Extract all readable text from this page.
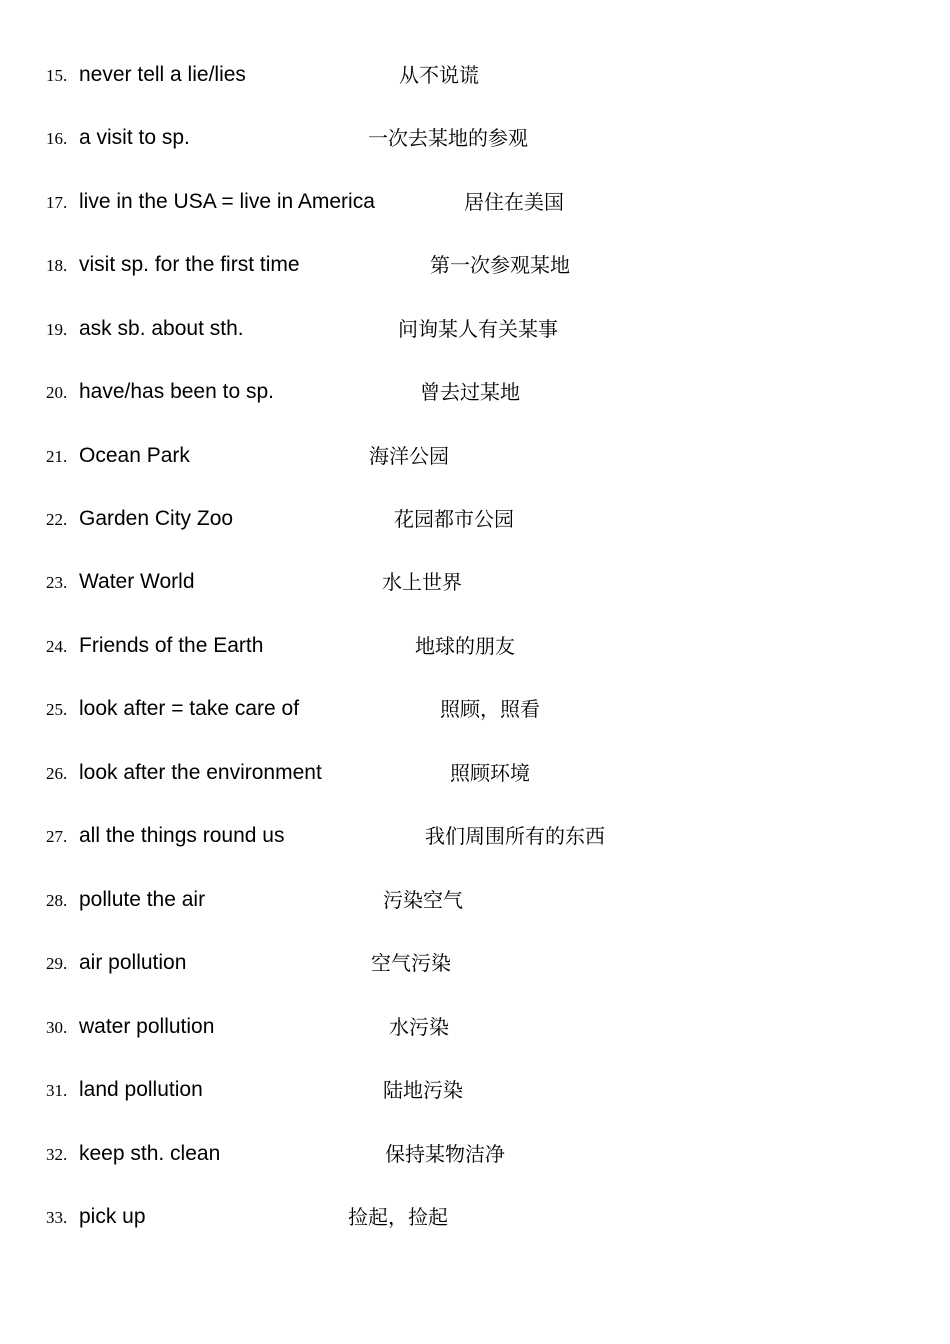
15. never tell a lie/lies	从不说谎
16. a visit to sp.	一次去某地的参观
17. live in the USA = live in America	居住在美国
18. visit sp. for the first time	第一次参观某地
19. ask sb. about sth.	问询某人有关某事
20. have/has been to sp.	曾去过某地
21. Ocean Park	海洋公园
22. Garden City Zoo	花园都市公园
23. Water World	水上世界
24. Friends of the Earth	地球的朋友
25. look after = take care of	照顾，照看
26. look after the environment	照顾环境
27. all the things round us	我们周围所有的东西
28. pollute the air	污染空气
29. air pollution	空气污染
30. water pollution	水污染
31. land pollution	陆地污染
32. keep sth. clean	保持某物洁净
33. pick up	捡起，捡起
